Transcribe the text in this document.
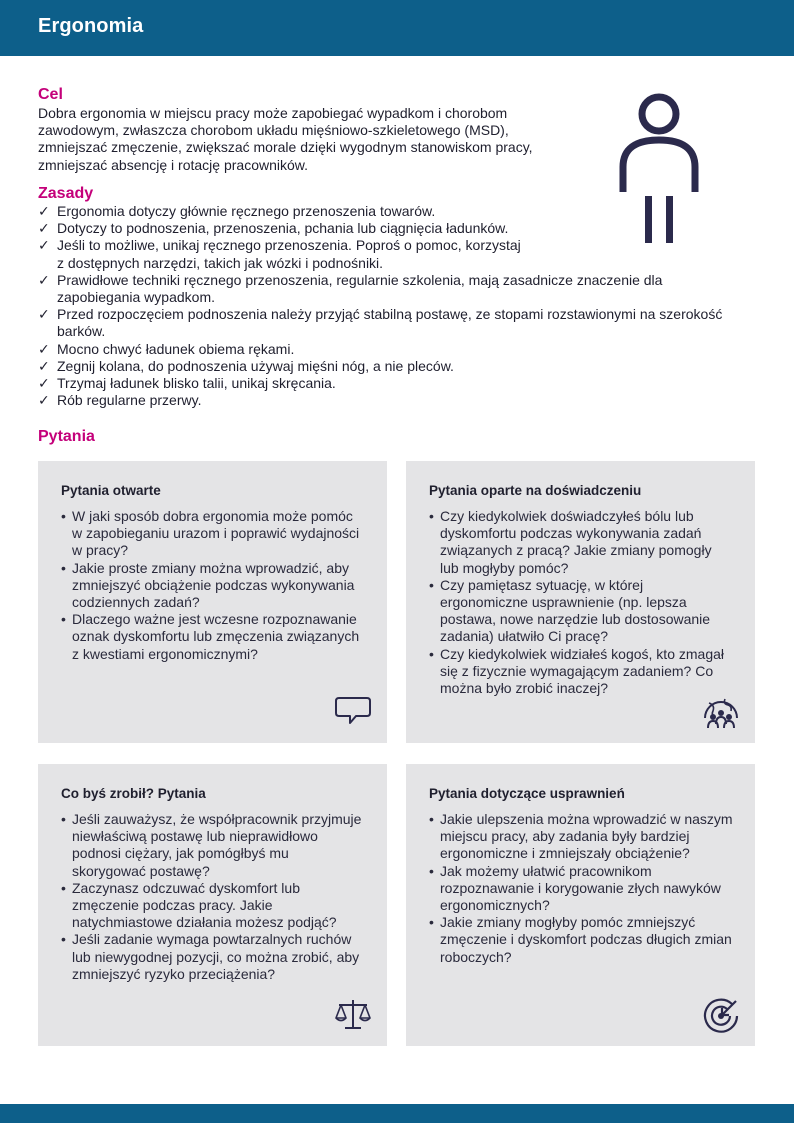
Ergonomia
Cel

Dobra ergonomia w miejscu pracy może zapobiegać wypadkom i chorobom zawodowym, zwłaszcza chorobom układu mięśniowo-szkieletowego (MSD), zmniejszać zmęczenie, zwiększać morale dzięki wygodnym stanowiskom pracy, zmniejszać absencję i rotację pracowników.

Zasady
✓ Ergonomia dotyczy głównie ręcznego przenoszenia towarów.
✓ Dotyczy to podnoszenia, przenoszenia, pchania lub ciągnięcia ładunków.
✓ Jeśli to możliwe, unikaj ręcznego przenoszenia. Poproś o pomoc, korzystaj z dostępnych narzędzi, takich jak wózki i podnośniki.
✓ Prawidłowe techniki ręcznego przenoszenia, regularnie szkolenia, mają zasadnicze znaczenie dla zapobiegania wypadkom.
✓ Przed rozpoczęciem podnoszenia należy przyjąć stabilną postawę, ze stopami rozstawionymi na szerokość barków.
✓ Mocno chwyć ładunek obiema rękami.
✓ Zegnij kolana, do podnoszenia używaj mięśni nóg, a nie pleców.
✓ Trzymaj ładunek blisko talii, unikaj skręcania.
✓ Rób regularne przerwy.
Pytania
Pytania otwarte
• W jaki sposób dobra ergonomia może pomóc w zapobieganiu urazom i poprawić wydajności w pracy?
• Jakie proste zmiany można wprowadzić, aby zmniejszyć obciążenie podczas wykonywania codziennych zadań?
• Dlaczego ważne jest wczesne rozpoznawanie oznak dyskomfortu lub zmęczenia związanych z kwestiami ergonomicznymi?
Pytania oparte na doświadczeniu
• Czy kiedykolwiek doświadczyłeś bólu lub dyskomfortu podczas wykonywania zadań związanych z pracą? Jakie zmiany pomogły lub mogłyby pomóc?
• Czy pamiętasz sytuację, w której ergonomiczne usprawnienie (np. lepsza postawa, nowe narzędzie lub dostosowanie zadania) ułatwiło Ci pracę?
• Czy kiedykolwiek widziałeś kogoś, kto zmagał się z fizycznie wymagającym zadaniem? Co można było zrobić inaczej?
Co byś zrobił? Pytania
• Jeśli zauważysz, że współpracownik przyjmuje niewłaściwą postawę lub nieprawidłowo podnosi ciężary, jak pomógłbyś mu skorygować postawę?
• Zaczynasz odczuwać dyskomfort lub zmęczenie podczas pracy. Jakie natychmiastowe działania możesz podjąć?
• Jeśli zadanie wymaga powtarzalnych ruchów lub niewygodnej pozycji, co można zrobić, aby zmniejszyć ryzyko przeciążenia?
Pytania dotyczące usprawnień
• Jakie ulepszenia można wprowadzić w naszym miejscu pracy, aby zadania były bardziej ergonomiczne i zmniejszały obciążenie?
• Jak możemy ułatwić pracownikom rozpoznawanie i korygowanie złych nawyków ergonomicznych?
• Jakie zmiany mogłyby pomóc zmniejszyć zmęczenie i dyskomfort podczas długich zmian roboczych?
